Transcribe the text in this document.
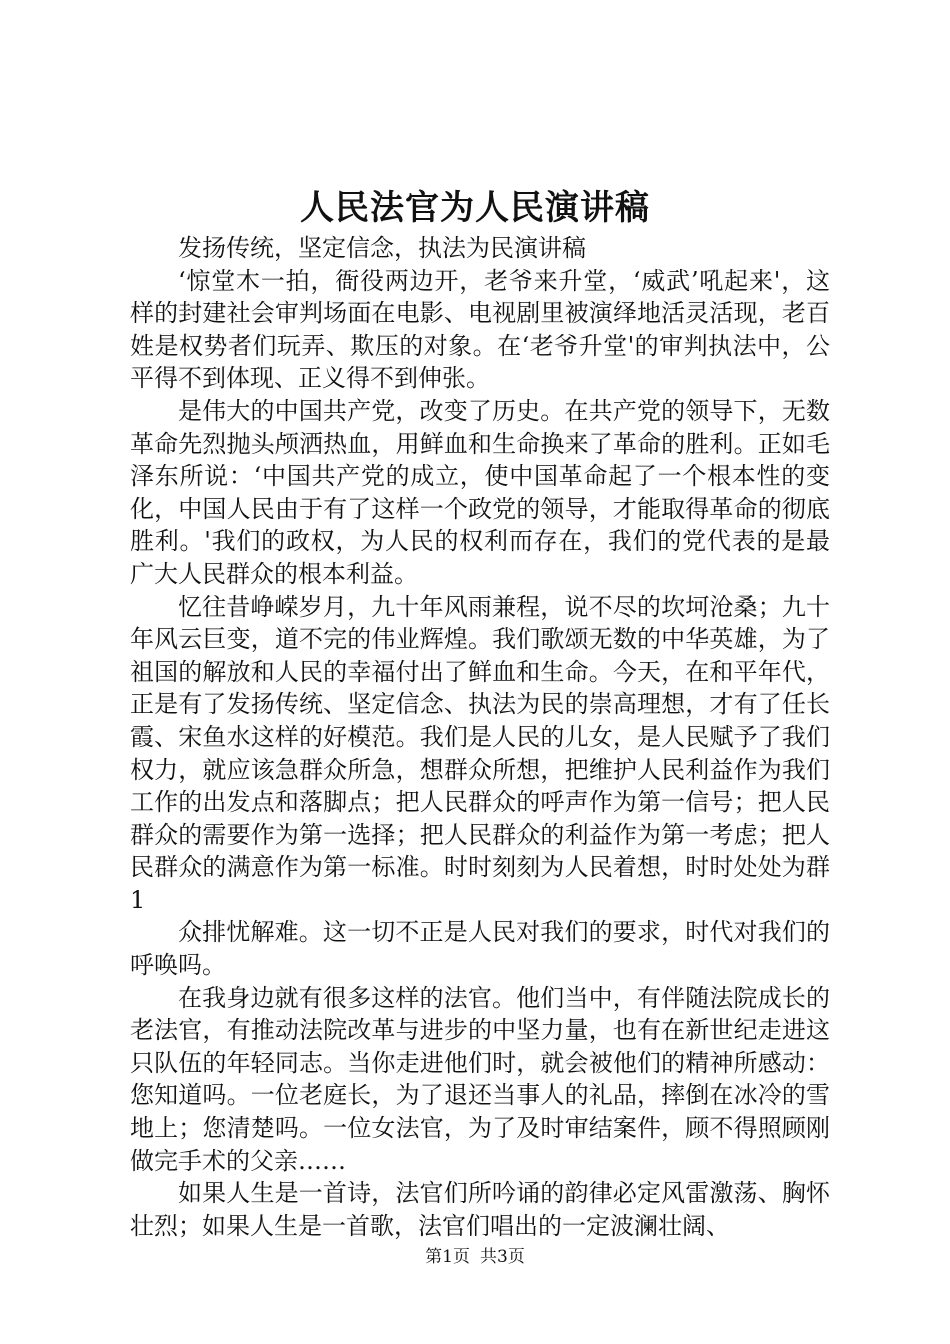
人民法官为人民演讲稿

发扬传统，坚定信念，执法为民演讲稿

‘惊堂木一拍，衙役两边开，老爷来升堂，‘威武’吼起来'，这样的封建社会审判场面在电影、电视剧里被演绎地活灵活现，老百姓是权势者们玩弄、欺压的对象。在‘老爷升堂'的审判执法中，公平得不到体现、正义得不到伸张。

是伟大的中国共产党，改变了历史。在共产党的领导下，无数革命先烈抛头颅洒热血，用鲜血和生命换来了革命的胜利。正如毛泽东所说：‘中国共产党的成立，使中国革命起了一个根本性的变化，中国人民由于有了这样一个政党的领导，才能取得革命的彻底胜利。'我们的政权，为人民的权利而存在，我们的党代表的是最广大人民群众的根本利益。

忆往昔峥嵘岁月，九十年风雨兼程，说不尽的坎坷沧桑；九十年风云巨变，道不完的伟业辉煌。我们歌颂无数的中华英雄，为了祖国的解放和人民的幸福付出了鲜血和生命。今天，在和平年代，正是有了发扬传统、坚定信念、执法为民的崇高理想，才有了任长霞、宋鱼水这样的好模范。我们是人民的儿女，是人民赋予了我们权力，就应该急群众所急，想群众所想，把维护人民利益作为我们工作的出发点和落脚点；把人民群众的呼声作为第一信号；把人民群众的需要作为第一选择；把人民群众的利益作为第一考虑；把人民群众的满意作为第一标准。时时刻刻为人民着想，时时处处为群1

众排忧解难。这一切不正是人民对我们的要求，时代对我们的呼唤吗。

在我身边就有很多这样的法官。他们当中，有伴随法院成长的老法官，有推动法院改革与进步的中坚力量，也有在新世纪走进这只队伍的年轻同志。当你走进他们时，就会被他们的精神所感动：您知道吗。一位老庭长，为了退还当事人的礼品，摔倒在冰冷的雪地上；您清楚吗。一位女法官，为了及时审结案件，顾不得照顾刚做完手术的父亲……

如果人生是一首诗，法官们所吟诵的韵律必定风雷激荡、胸怀壮烈；如果人生是一首歌，法官们唱出的一定波澜壮阔、

第1页 共3页
